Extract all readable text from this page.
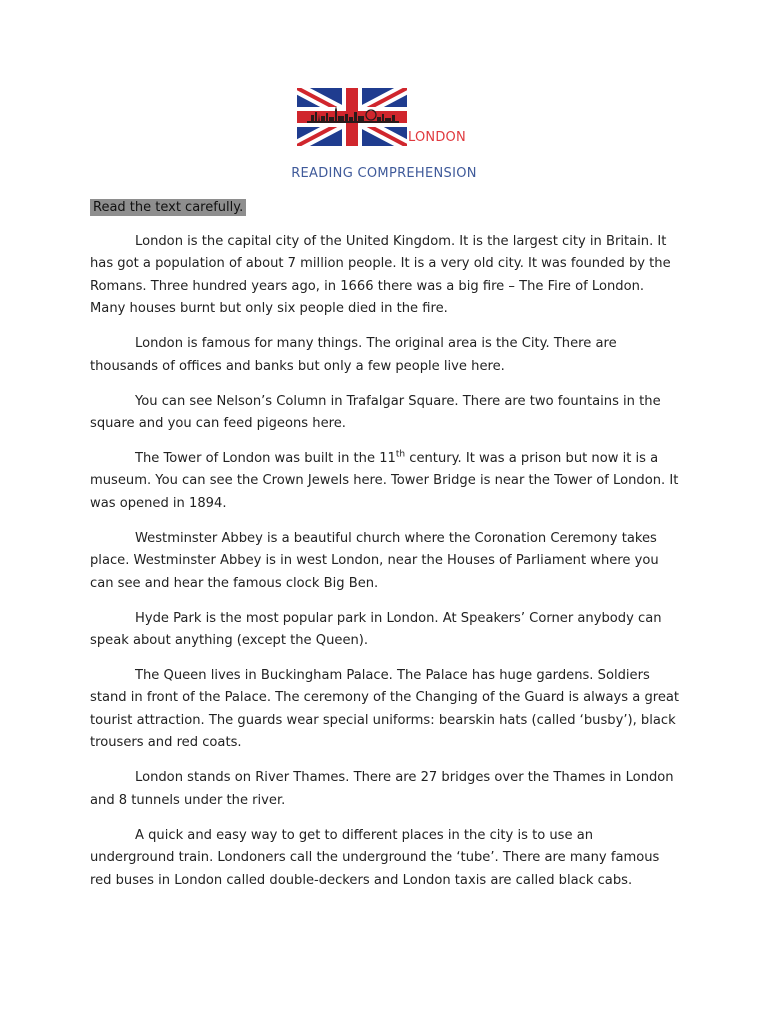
LONDON
READING COMPREHENSION
Read the text carefully.

London is the capital city of the United Kingdom. It is the largest city in Britain. It has got a population of about 7 million people. It is a very old city. It was founded by the Romans. Three hundred years ago, in 1666 there was a big fire – The Fire of London. Many houses burnt but only six people died in the fire.

London is famous for many things. The original area is the City. There are thousands of offices and banks but only a few people live here.

You can see Nelson’s Column in Trafalgar Square. There are two fountains in the square and you can feed pigeons here.

The Tower of London was built in the 11th century. It was a prison but now it is a museum. You can see the Crown Jewels here. Tower Bridge is near the Tower of London. It was opened in 1894.

Westminster Abbey is a beautiful church where the Coronation Ceremony takes place. Westminster Abbey is in west London, near the Houses of Parliament where you can see and hear the famous clock Big Ben.

Hyde Park is the most popular park in London. At Speakers’ Corner anybody can speak about anything (except the Queen).

The Queen lives in Buckingham Palace. The Palace has huge gardens. Soldiers stand in front of the Palace. The ceremony of the Changing of the Guard is always a great tourist attraction. The guards wear special uniforms: bearskin hats (called ‘busby’), black trousers and red coats.

London stands on River Thames. There are 27 bridges over the Thames in London and 8 tunnels under the river.

A quick and easy way to get to different places in the city is to use an underground train. Londoners call the underground the ‘tube’. There are many famous red buses in London called double-deckers and London taxis are called black cabs.
